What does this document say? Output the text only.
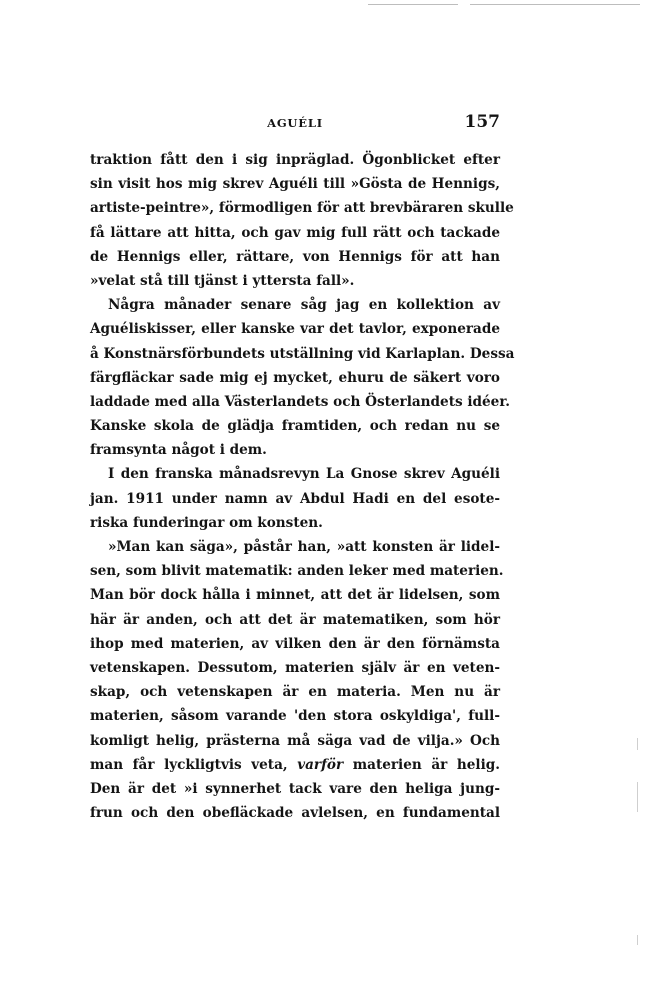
AGUÉLI	157
traktion fått den i sig inpräglad. Ögonblicket efter
sin visit hos mig skrev Aguéli till »Gösta de Hennigs,
artiste-peintre», förmodligen för att brevbäraren skulle
få lättare att hitta, och gav mig full rätt och tackade
de Hennigs eller, rättare, von Hennigs för att han
»velat stå till tjänst i yttersta fall».
Några månader senare såg jag en kollektion av
Aguéliskisser, eller kanske var det tavlor, exponerade
å Konstnärsförbundets utställning vid Karlaplan. Dessa
färgfläckar sade mig ej mycket, ehuru de säkert voro
laddade med alla Västerlandets och Österlandets idéer.
Kanske skola de glädja framtiden, och redan nu se
framsynta något i dem.
I den franska månadsrevyn La Gnose skrev Aguéli
jan. 1911 under namn av Abdul Hadi en del esote-
riska funderingar om konsten.
»Man kan säga», påstår han, »att konsten är lidel-
sen, som blivit matematik: anden leker med materien.
Man bör dock hålla i minnet, att det är lidelsen, som
här är anden, och att det är matematiken, som hör
ihop med materien, av vilken den är den förnämsta
vetenskapen. Dessutom, materien själv är en veten-
skap, och vetenskapen är en materia. Men nu är
materien, såsom varande 'den stora oskyldiga', full-
komligt helig, prästerna må säga vad de vilja.» Och
man får lyckligtvis veta, varför materien är helig.
Den är det »i synnerhet tack vare den heliga jung-
frun och den obefläckade avlelsen, en fundamental
